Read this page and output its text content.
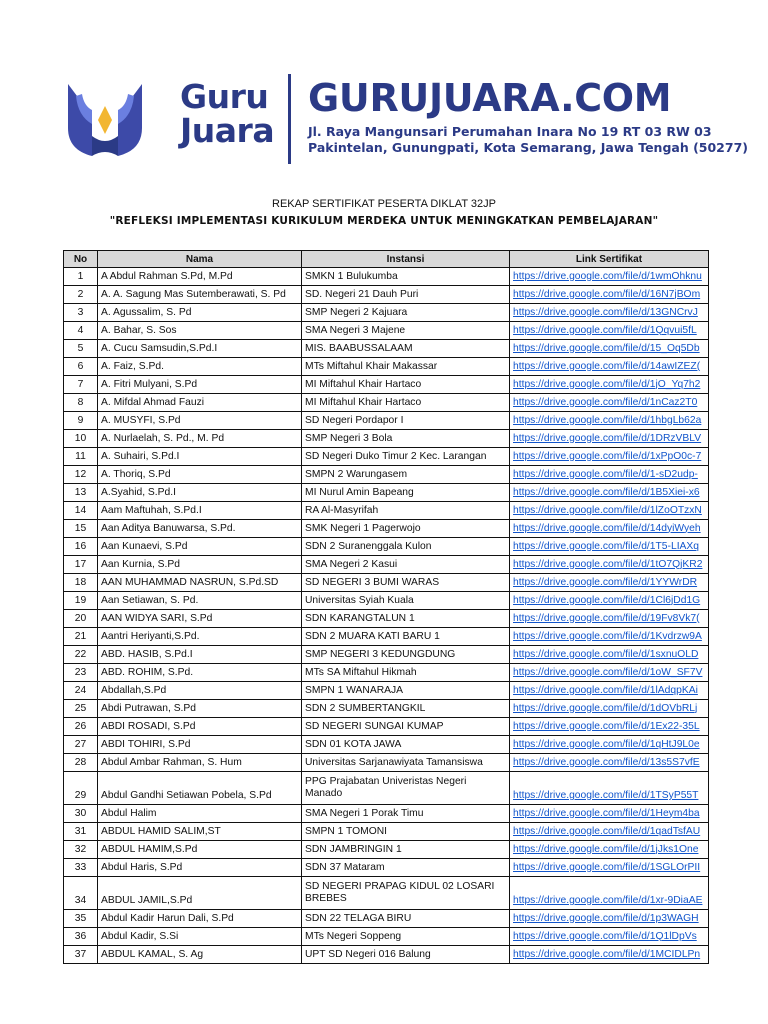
Guru
Juara
GURUJUARA.COM
Jl. Raya Mangunsari Perumahan Inara No 19 RT 03 RW 03
Pakintelan, Gunungpati, Kota Semarang, Jawa Tengah (50277)
REKAP SERTIFIKAT PESERTA DIKLAT 32JP
"REFLEKSI IMPLEMENTASI KURIKULUM MERDEKA UNTUK MENINGKATKAN PEMBELAJARAN"
No	Nama	Instansi	Link Sertifikat
1	A Abdul Rahman S.Pd, M.Pd	SMKN 1 Bulukumba	https://drive.google.com/file/d/1wmOhknu
2	A. A. Sagung Mas Sutemberawati, S. Pd	SD. Negeri 21 Dauh Puri	https://drive.google.com/file/d/16N7jBOm
3	A. Agussalim, S. Pd	SMP Negeri 2 Kajuara	https://drive.google.com/file/d/13GNCrvJ
4	A. Bahar, S. Sos	SMA Negeri 3 Majene	https://drive.google.com/file/d/1Qqvui5fL
5	A. Cucu Samsudin,S.Pd.I	MIS. BAABUSSALAAM	https://drive.google.com/file/d/15_Oq5Db
6	A. Faiz, S.Pd.	MTs Miftahul Khair Makassar	https://drive.google.com/file/d/14awIZEZ(
7	A. Fitri Mulyani, S.Pd	MI Miftahul Khair Hartaco	https://drive.google.com/file/d/1jO_Yq7h2
8	A. Mifdal Ahmad Fauzi	MI Miftahul Khair Hartaco	https://drive.google.com/file/d/1nCaz2T0
9	A. MUSYFI, S.Pd	SD Negeri Pordapor I	https://drive.google.com/file/d/1hbgLb62a
10	A. Nurlaelah, S. Pd., M. Pd	SMP Negeri 3 Bola	https://drive.google.com/file/d/1DRzVBLV
11	A. Suhairi, S.Pd.I	SD Negeri Duko Timur 2 Kec. Larangan	https://drive.google.com/file/d/1xPpO0c-7
12	A. Thoriq, S.Pd	SMPN 2 Warungasem	https://drive.google.com/file/d/1-sD2udp-
13	A.Syahid, S.Pd.I	MI Nurul Amin Bapeang	https://drive.google.com/file/d/1B5Xiei-x6
14	Aam Maftuhah, S.Pd.I	RA Al-Masyrifah	https://drive.google.com/file/d/1lZoOTzxN
15	Aan Aditya Banuwarsa, S.Pd.	SMK Negeri 1 Pagerwojo	https://drive.google.com/file/d/14dyiWyeh
16	Aan Kunaevi, S.Pd	SDN 2 Suranenggala Kulon	https://drive.google.com/file/d/1T5-LIAXq
17	Aan Kurnia, S.Pd	SMA Negeri 2 Kasui	https://drive.google.com/file/d/1tO7QjKR2
18	AAN MUHAMMAD NASRUN, S.Pd.SD	SD NEGERI 3 BUMI WARAS	https://drive.google.com/file/d/1YYWrDR
19	Aan Setiawan, S. Pd.	Universitas Syiah Kuala	https://drive.google.com/file/d/1Cl6jDd1G
20	AAN WIDYA SARI, S.Pd	SDN KARANGTALUN 1	https://drive.google.com/file/d/19Fv8Vk7(
21	Aantri Heriyanti,S.Pd.	SDN 2 MUARA KATI BARU 1	https://drive.google.com/file/d/1Kvdrzw9A
22	ABD. HASIB, S.Pd.I	SMP NEGERI 3 KEDUNGDUNG	https://drive.google.com/file/d/1sxnuOLD
23	ABD. ROHIM, S.Pd.	MTs SA Miftahul Hikmah	https://drive.google.com/file/d/1oW_SF7V
24	Abdallah,S.Pd	SMPN 1 WANARAJA	https://drive.google.com/file/d/1lAdqpKAi
25	Abdi Putrawan, S.Pd	SDN 2 SUMBERTANGKIL	https://drive.google.com/file/d/1dOVbRLj
26	ABDI ROSADI, S.Pd	SD NEGERI SUNGAI KUMAP	https://drive.google.com/file/d/1Ex22-35L
27	ABDI TOHIRI, S.Pd	SDN 01 KOTA JAWA	https://drive.google.com/file/d/1qHtJ9L0e
28	Abdul Ambar Rahman, S. Hum	Universitas Sarjanawiyata Tamansiswa	https://drive.google.com/file/d/13s5S7vfE
29	Abdul Gandhi Setiawan Pobela, S.Pd	PPG Prajabatan Univeristas Negeri Manado	https://drive.google.com/file/d/1TSyP55T
30	Abdul Halim	SMA Negeri 1 Porak Timu	https://drive.google.com/file/d/1Heym4ba
31	ABDUL HAMID SALIM,ST	SMPN 1 TOMONI	https://drive.google.com/file/d/1qadTsfAU
32	ABDUL HAMIM,S.Pd	SDN JAMBRINGIN 1	https://drive.google.com/file/d/1jJks1One
33	Abdul Haris, S.Pd	SDN 37 Mataram	https://drive.google.com/file/d/1SGLOrPII
34	ABDUL JAMIL,S.Pd	SD NEGERI PRAPAG KIDUL 02 LOSARI BREBES	https://drive.google.com/file/d/1xr-9DiaAE
35	Abdul Kadir Harun Dali, S.Pd	SDN 22 TELAGA BIRU	https://drive.google.com/file/d/1p3WAGH
36	Abdul Kadir, S.Si	MTs Negeri Soppeng	https://drive.google.com/file/d/1Q1lDpVs
37	ABDUL KAMAL, S. Ag	UPT SD Negeri 016 Balung	https://drive.google.com/file/d/1MCIDLPn
